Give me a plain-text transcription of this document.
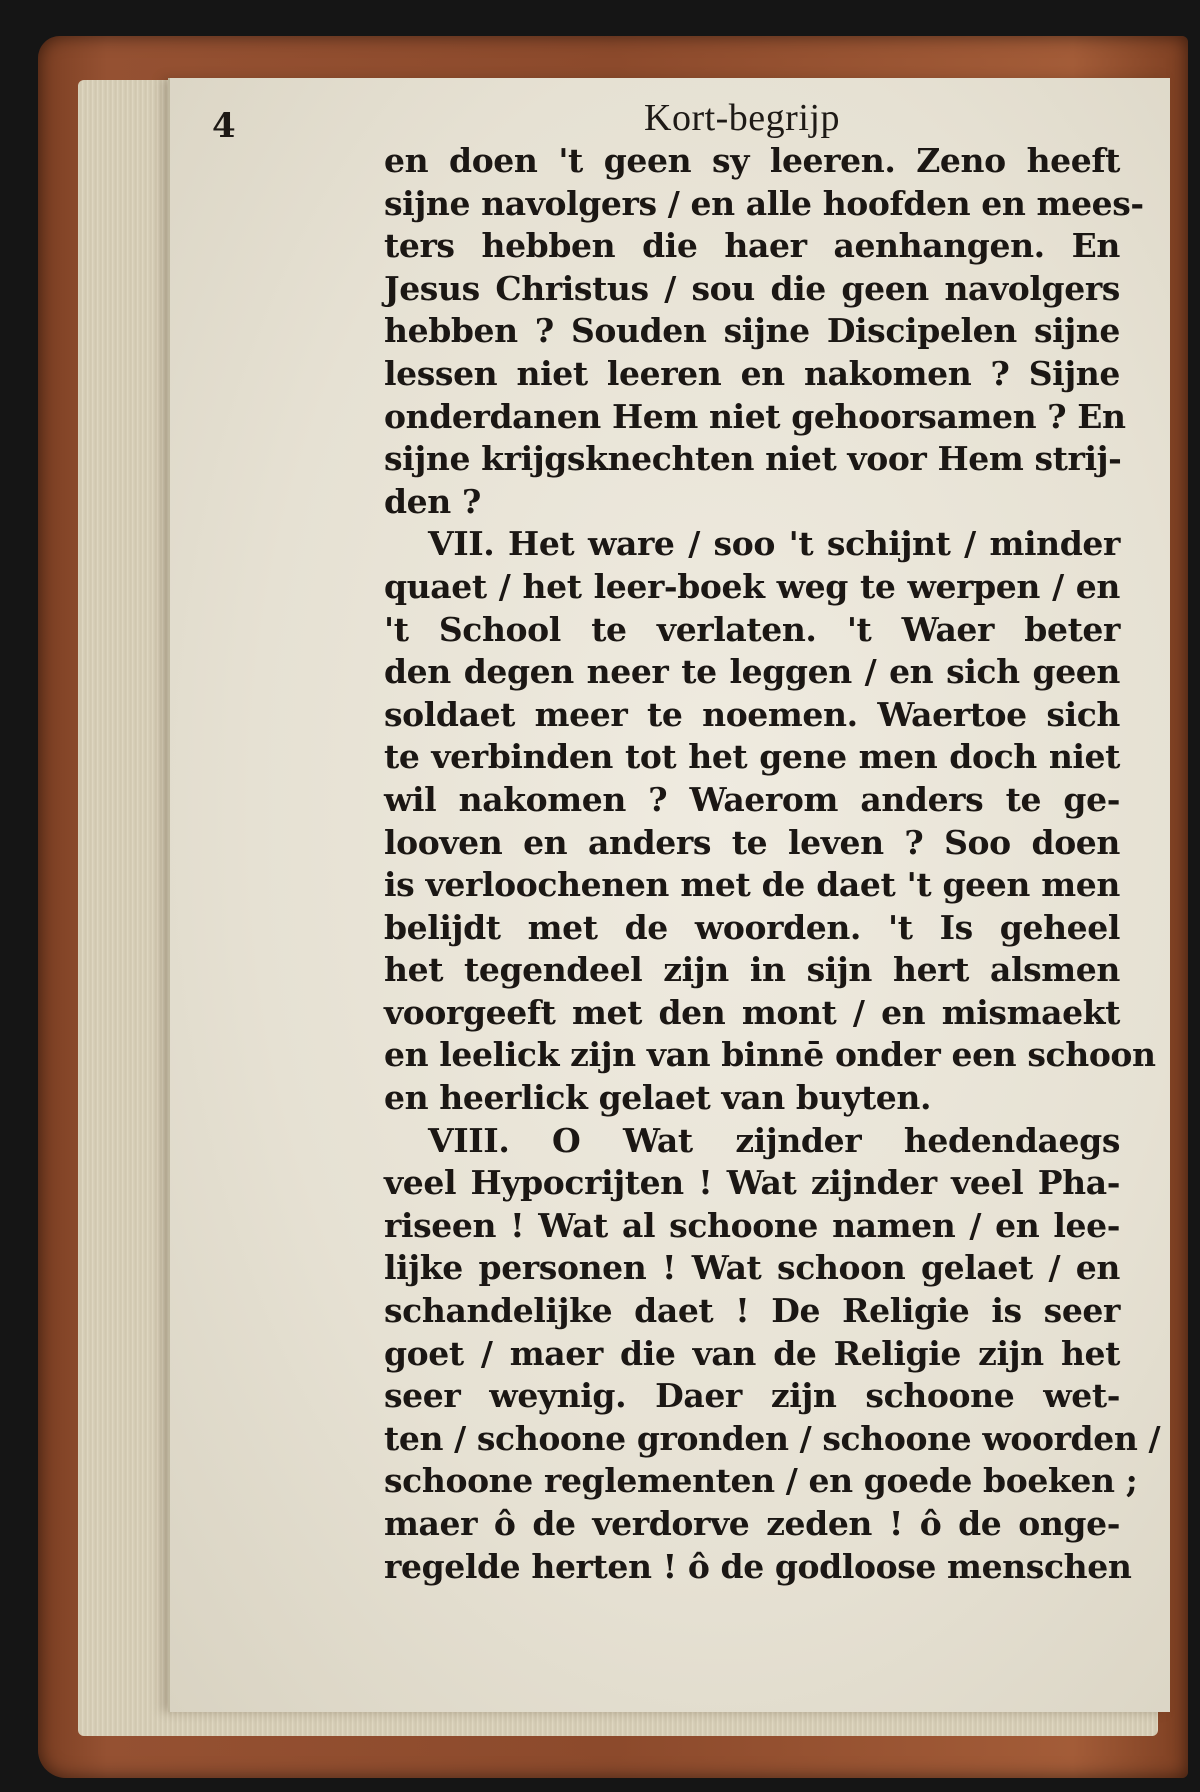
4	Kort-begrijp
en doen 't geen sy leeren. Zeno heeft
sijne navolgers / en alle hoofden en mees-
ters hebben die haer aenhangen. En
Jesus Christus / sou die geen navolgers
hebben ? Souden sijne Discipelen sijne
lessen niet leeren en nakomen ? Sijne
onderdanen Hem niet gehoorsamen ? En
sijne krijgsknechten niet voor Hem strij-
den ?
VII. Het ware / soo 't schijnt / minder
quaet / het leer-boek weg te werpen / en
't School te verlaten. 't Waer beter
den degen neer te leggen / en sich geen
soldaet meer te noemen. Waertoe sich
te verbinden tot het gene men doch niet
wil nakomen ? Waerom anders te ge-
looven en anders te leven ? Soo doen
is verloochenen met de daet 't geen men
belijdt met de woorden. 't Is geheel
het tegendeel zijn in sijn hert alsmen
voorgeeft met den mont / en mismaekt
en leelick zijn van binnē onder een schoon
en heerlick gelaet van buyten.
VIII. O Wat zijnder hedendaegs
veel Hypocrijten ! Wat zijnder veel Pha-
riseen ! Wat al schoone namen / en lee-
lijke personen ! Wat schoon gelaet / en
schandelijke daet ! De Religie is seer
goet / maer die van de Religie zijn het
seer weynig. Daer zijn schoone wet-
ten / schoone gronden / schoone woorden /
schoone reglementen / en goede boeken ;
maer ô de verdorve zeden ! ô de onge-
regelde herten ! ô de godloose menschen
